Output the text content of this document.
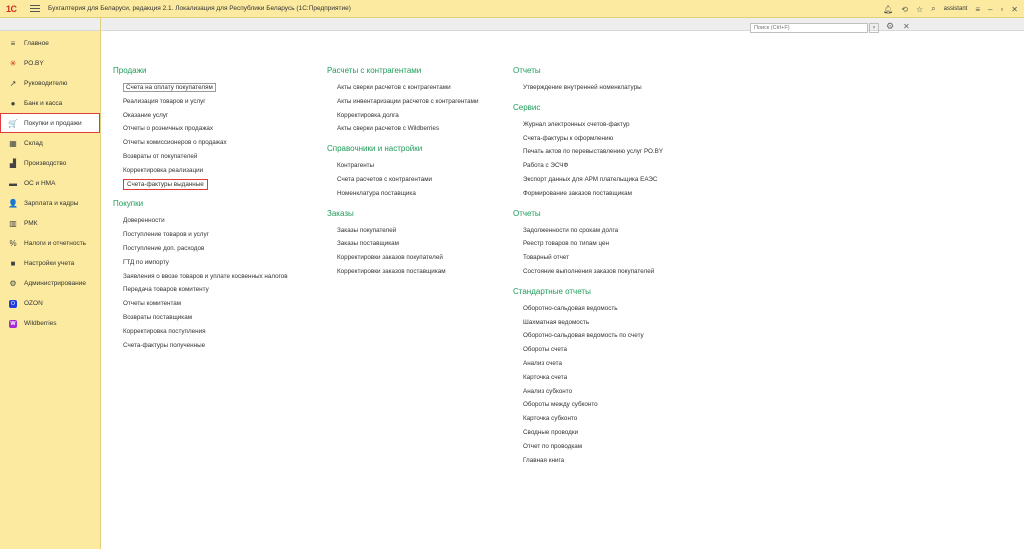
1С	Бухгалтерия для Беларуси, редакция 2.1. Локализация для Республики Беларусь (1С:Предприятие)	🔔︎ ⟲ ☆ ⌕ assistant ≡ – ▫ ✕
≡	Главное
✳ РО.BY
↗ Руководителю
●	Банк и касса
🛒 Покупки и продажи
▦ Склад
▟ Производство
▬ ОС и НМА
👤 Зарплата и кадры
▥ РМК
% Налоги и отчетность
■	Настройки учета
⚙ Администрирование
O	OZON
W	Wildberries
Поиск (Ctrl+F)
×	⚙ ✕
Продажи
Счета на оплату покупателям
Реализация товаров и услуг
Оказание услуг
Отчеты о розничных продажах
Отчеты комиссионеров о продажах
Возвраты от покупателей
Корректировка реализации
Счета-фактуры выданные
Покупки
Доверенности
Поступление товаров и услуг
Поступление доп. расходов
ГТД по импорту
Заявления о ввозе товаров и уплате косвенных налогов
Передача товаров комитенту
Отчеты комитентам
Возвраты поставщикам
Корректировка поступления
Счета-фактуры полученные
Расчеты с контрагентами
Акты сверки расчетов с контрагентами
Акты инвентаризации расчетов с контрагентами
Корректировка долга
Акты сверки расчетов с Wildberries
Справочники и настройки
Контрагенты
Счета расчетов с контрагентами
Номенклатура поставщика
Заказы
Заказы покупателей
Заказы поставщикам
Корректировки заказов покупателей
Корректировки заказов поставщикам
Отчеты
Утверждение внутренней номенклатуры
Сервис
Журнал электронных счетов-фактур
Счета-фактуры к оформлению
Печать актов по перевыставлению услуг РО.BY
Работа с ЭСЧФ
Экспорт данных для АРМ плательщика ЕАЭС
Формирование заказов поставщикам
Отчеты
Задолженности по срокам долга
Реестр товаров по типам цен
Товарный отчет
Состояние выполнения заказов покупателей
Стандартные отчеты
Оборотно-сальдовая ведомость
Шахматная ведомость
Оборотно-сальдовая ведомость по счету
Обороты счета
Анализ счета
Карточка счета
Анализ субконто
Обороты между субконто
Карточка субконто
Сводные проводки
Отчет по проводкам
Главная книга
